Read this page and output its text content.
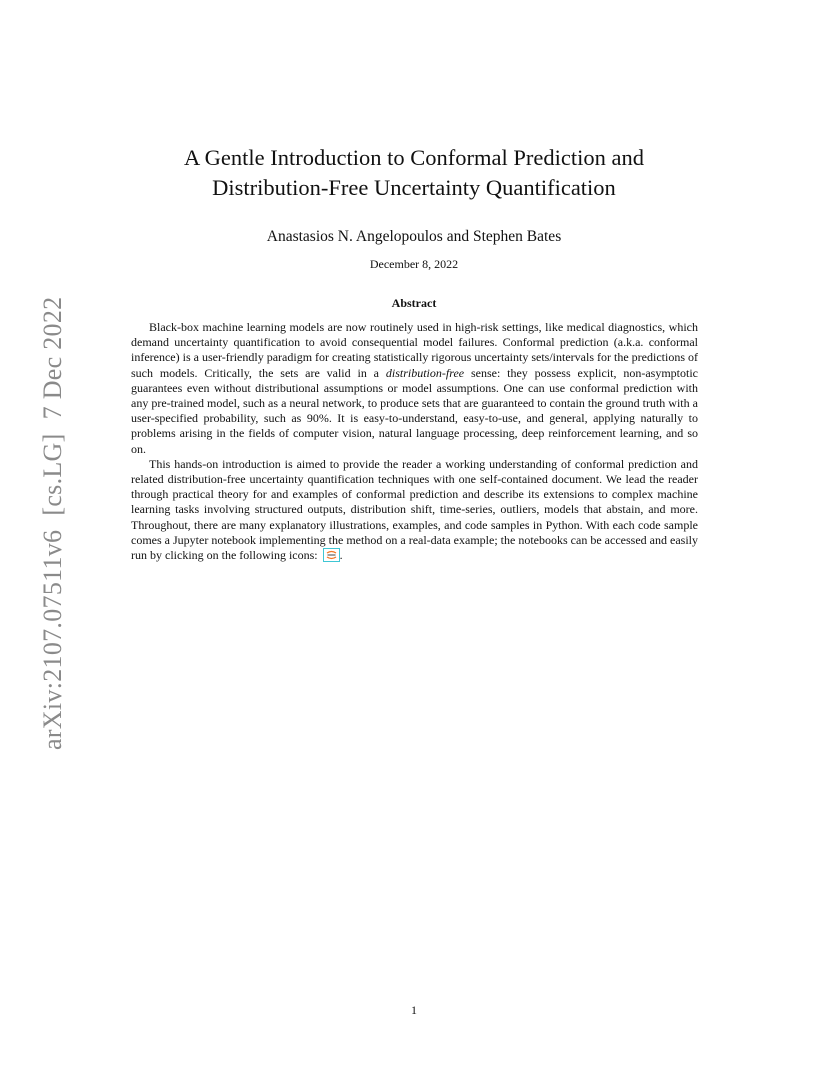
arXiv:2107.07511v6[cs.LG]7 Dec 2022
A Gentle Introduction to Conformal Prediction and
Distribution-Free Uncertainty Quantification
Anastasios N. Angelopoulos and Stephen Bates
December 8, 2022
Abstract

Black-box machine learning models are now routinely used in high-risk settings, like medical diagnostics, which demand uncertainty quantification to avoid consequential model failures. Conformal prediction (a.k.a. conformal inference) is a user-friendly paradigm for creating statistically rigorous uncertainty sets/intervals for the predictions of such models. Critically, the sets are valid in a distribution-free sense: they possess explicit, non-asymptotic guarantees even without distributional assumptions or model assumptions. One can use conformal prediction with any pre-trained model, such as a neural network, to produce sets that are guaranteed to contain the ground truth with a user-specified probability, such as 90%. It is easy-to-understand, easy-to-use, and general, applying naturally to problems arising in the fields of computer vision, natural language processing, deep reinforcement learning, and so on.

This hands-on introduction is aimed to provide the reader a working understanding of conformal prediction and related distribution-free uncertainty quantification techniques with one self-contained document. We lead the reader through practical theory for and examples of conformal prediction and describe its extensions to complex machine learning tasks involving structured outputs, distribution shift, time-series, outliers, models that abstain, and more. Throughout, there are many explanatory illustrations, examples, and code samples in Python. With each code sample comes a Jupyter notebook implementing the method on a real-data example; the notebooks can be accessed and easily run by clicking on the following icons:
.

1
